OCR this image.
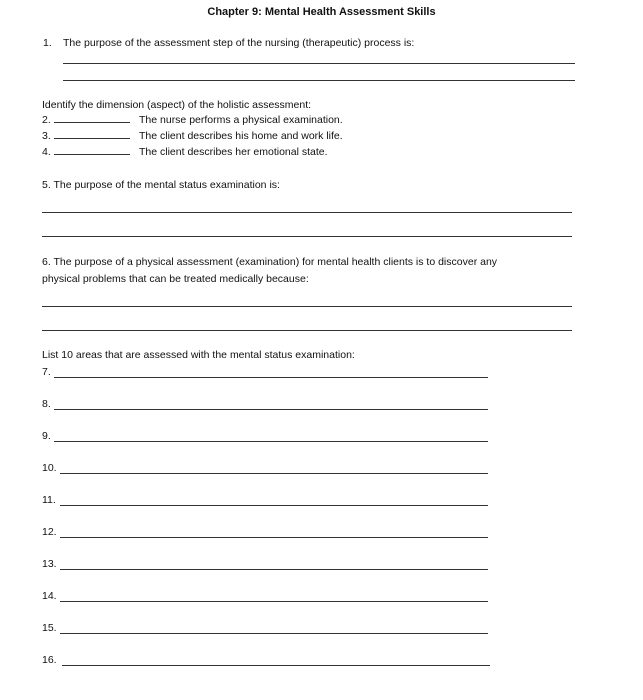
Chapter 9: Mental Health Assessment Skills
1. The purpose of the assessment step of the nursing (therapeutic) process is:
Identify the dimension (aspect) of the holistic assessment:
2.	The nurse performs a physical examination.
3.	The client describes his home and work life.
4.	The client describes her emotional state.
5. The purpose of the mental status examination is:
6. The purpose of a physical assessment (examination) for mental health clients is to discover any
physical problems that can be treated medically because:
List 10 areas that are assessed with the mental status examination:
7.
8.
9.
10.
11.
12.
13.
14.
15.
16.
